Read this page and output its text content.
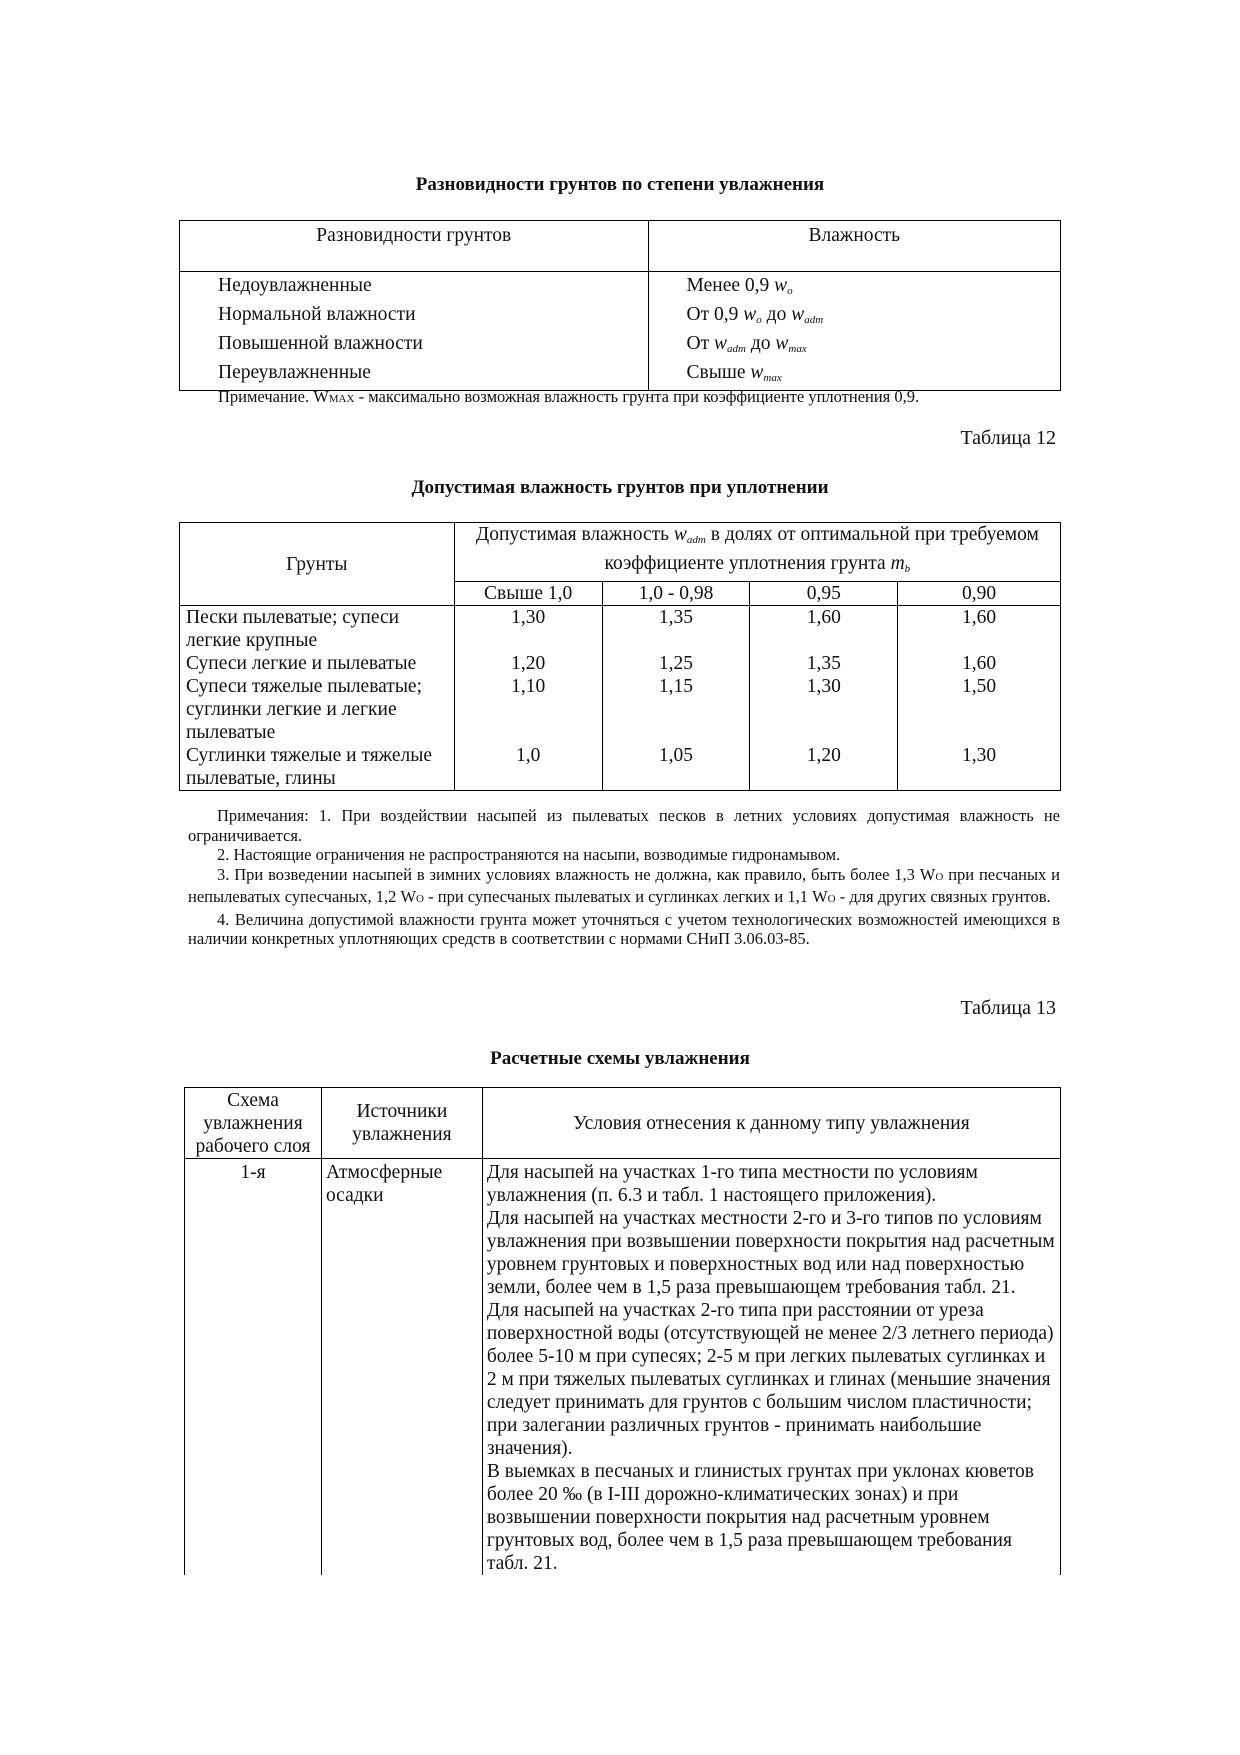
Разновидности грунтов по степени увлажнения
Разновидности грунтов	Влажность
Недоувлажненные	Менее 0,9 $w_o$
Нормальной влажности	От 0,9 $w_o$ до $w_{adm}$
Повышенной влажности	От $w_{adm}$ до $w_{max}$
Переувлажненные	Свыше $w_{max}$
Примечание. WMAX - максимально возможная влажность грунта при коэффициенте уплотнения 0,9.
Таблица 12
Допустимая влажность грунтов при уплотнении
Грунты	Допустимая влажность $w_{adm}$ в долях от оптимальной при требуемом коэффициенте уплотнения грунта $m_b$
	Свыше 1,0	1,0 - 0,98	0,95	0,90
Пески пылеватые; супеси легкие крупные	1,30	1,35	1,60	1,60
Супеси легкие и пылеватые	1,20	1,25	1,35	1,60
Супеси тяжелые пылеватые; суглинки легкие и легкие пылеватые	1,10	1,15	1,30	1,50
Суглинки тяжелые и тяжелые пылеватые, глины	1,0	1,05	1,20	1,30

Примечания: 1. При воздействии насыпей из пылеватых песков в летних условиях допустимая влажность не ограничивается.

2. Настоящие ограничения не распространяются на насыпи, возводимые гидронамывом.

3. При возведении насыпей в зимних условиях влажность не должна, как правило, быть более 1,3 WO при песчаных и непылеватых супесчаных, 1,2 WO - при супесчаных пылеватых и суглинках легких и 1,1 WO - для других связных грунтов.

4. Величина допустимой влажности грунта может уточняться с учетом технологических возможностей имеющихся в наличии конкретных уплотняющих средств в соответствии с нормами СНиП 3.06.03-85.

Таблица 13
Расчетные схемы увлажнения
Схема увлажнения рабочего слоя	Источники увлажнения	Условия отнесения к данному типу увлажнения
1-я	Атмосферные осадки	Для насыпей на участках 1-го типа местности по условиям увлажнения (п. 6.3 и табл. 1 настоящего приложения).
Для насыпей на участках местности 2-го и 3-го типов по условиям увлажнения при возвышении поверхности покрытия над расчетным уровнем грунтовых и поверхностных вод или над поверхностью земли, более чем в 1,5 раза превышающем требования табл. 21.
Для насыпей на участках 2-го типа при расстоянии от уреза поверхностной воды (отсутствующей не менее 2/3 летнего периода) более 5-10 м при супесях; 2-5 м при легких пылеватых суглинках и 2 м при тяжелых пылеватых суглинках и глинах (меньшие значения следует принимать для грунтов с большим числом пластичности; при залегании различных грунтов - принимать наибольшие значения).
В выемках в песчаных и глинистых грунтах при уклонах кюветов более 20 ‰ (в I-III дорожно-климатических зонах) и при возвышении поверхности покрытия над расчетным уровнем грунтовых вод, более чем в 1,5 раза превышающем требования табл. 21.
